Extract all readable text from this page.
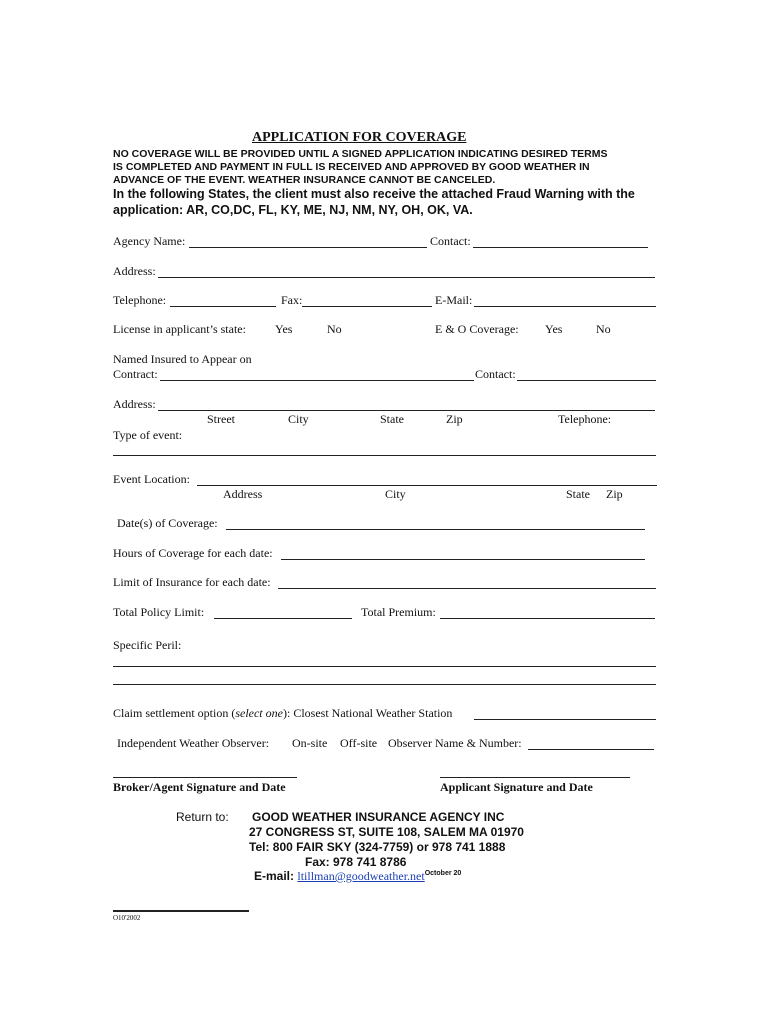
APPLICATION FOR COVERAGE
NO COVERAGE WILL BE PROVIDED UNTIL A SIGNED APPLICATION INDICATING DESIRED TERMS
IS COMPLETED AND PAYMENT IN FULL IS RECEIVED AND APPROVED BY GOOD WEATHER IN
ADVANCE OF THE EVENT. WEATHER INSURANCE CANNOT BE CANCELED.
In the following States, the client must also receive the attached Fraud Warning with the
application: AR, CO,DC, FL, KY, ME, NJ, NM, NY, OH, OK, VA.
Agency Name:	Contact:
Address:
Telephone:	Fax:	E-Mail:
License in applicant’s state: Yes	No	E & O Coverage: Yes	No
Named Insured to Appear on
Contract:	Contact:
Address:
Street	City	State	Zip	Telephone:
Type of event:
Event Location:
Address	City	State Zip
Date(s) of Coverage:
Hours of Coverage for each date:
Limit of Insurance for each date:
Total Policy Limit:	Total Premium:
Specific Peril:
Claim settlement option (select one): Closest National Weather Station
Independent Weather Observer: On-site Off-site Observer Name & Number:
Broker/Agent Signature and Date	Applicant Signature and Date
Return to: GOOD WEATHER INSURANCE AGENCY INC
27 CONGRESS ST, SUITE 108, SALEM MA 01970
Tel: 800 FAIR SKY (324-7759) or 978 741 1888
Fax: 978 741 8786
E-mail: ltillman@goodweather.net$^{October 20}$
O10'2002
